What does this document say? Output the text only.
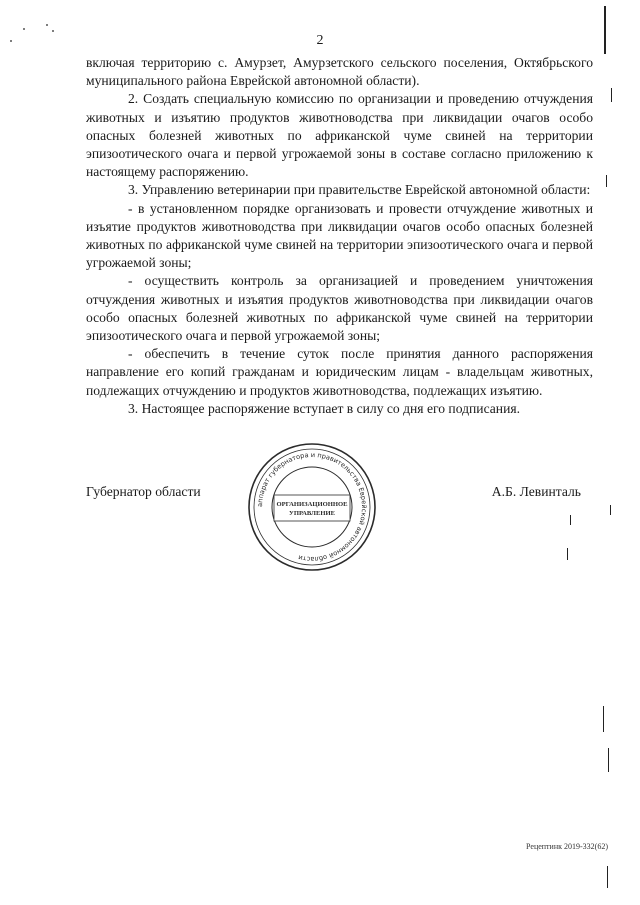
2

включая территорию с. Амурзет, Амурзетского сельского поселения, Октябрьского муниципального района Еврейской автономной области).

2. Создать специальную комиссию по организации и проведению отчуждения животных и изъятию продуктов животноводства при ликвидации очагов особо опасных болезней животных по африканской чуме свиней на территории эпизоотического очага и первой угрожаемой зоны в составе согласно приложению к настоящему распоряжению.

3. Управлению ветеринарии при правительстве Еврейской автономной области:

- в установленном порядке организовать и провести отчуждение животных и изъятие продуктов животноводства при ликвидации очагов особо опасных болезней животных по африканской чуме свиней на территории эпизоотического очага и первой угрожаемой зоны;

- осуществить контроль за организацией и проведением уничтожения отчуждения животных и изъятия продуктов животноводства при ликвидации очагов особо опасных болезней животных по африканской чуме свиней на территории эпизоотического очага и первой угрожаемой зоны;

- обеспечить в течение суток после принятия данного распоряжения направление его копий гражданам и юридическим лицам - владельцам животных, подлежащих отчуждению и продуктов животноводства, подлежащих изъятию.

3. Настоящее распоряжение вступает в силу со дня его подписания.

Губернатор области	А.Б. Левинталь
аппарат губернатора и правительства Еврейской автономной области
ОРГАНИЗАЦИОННОЕ
УПРАВЛЕНИЕ
Рецептинк 2019-332(62)
